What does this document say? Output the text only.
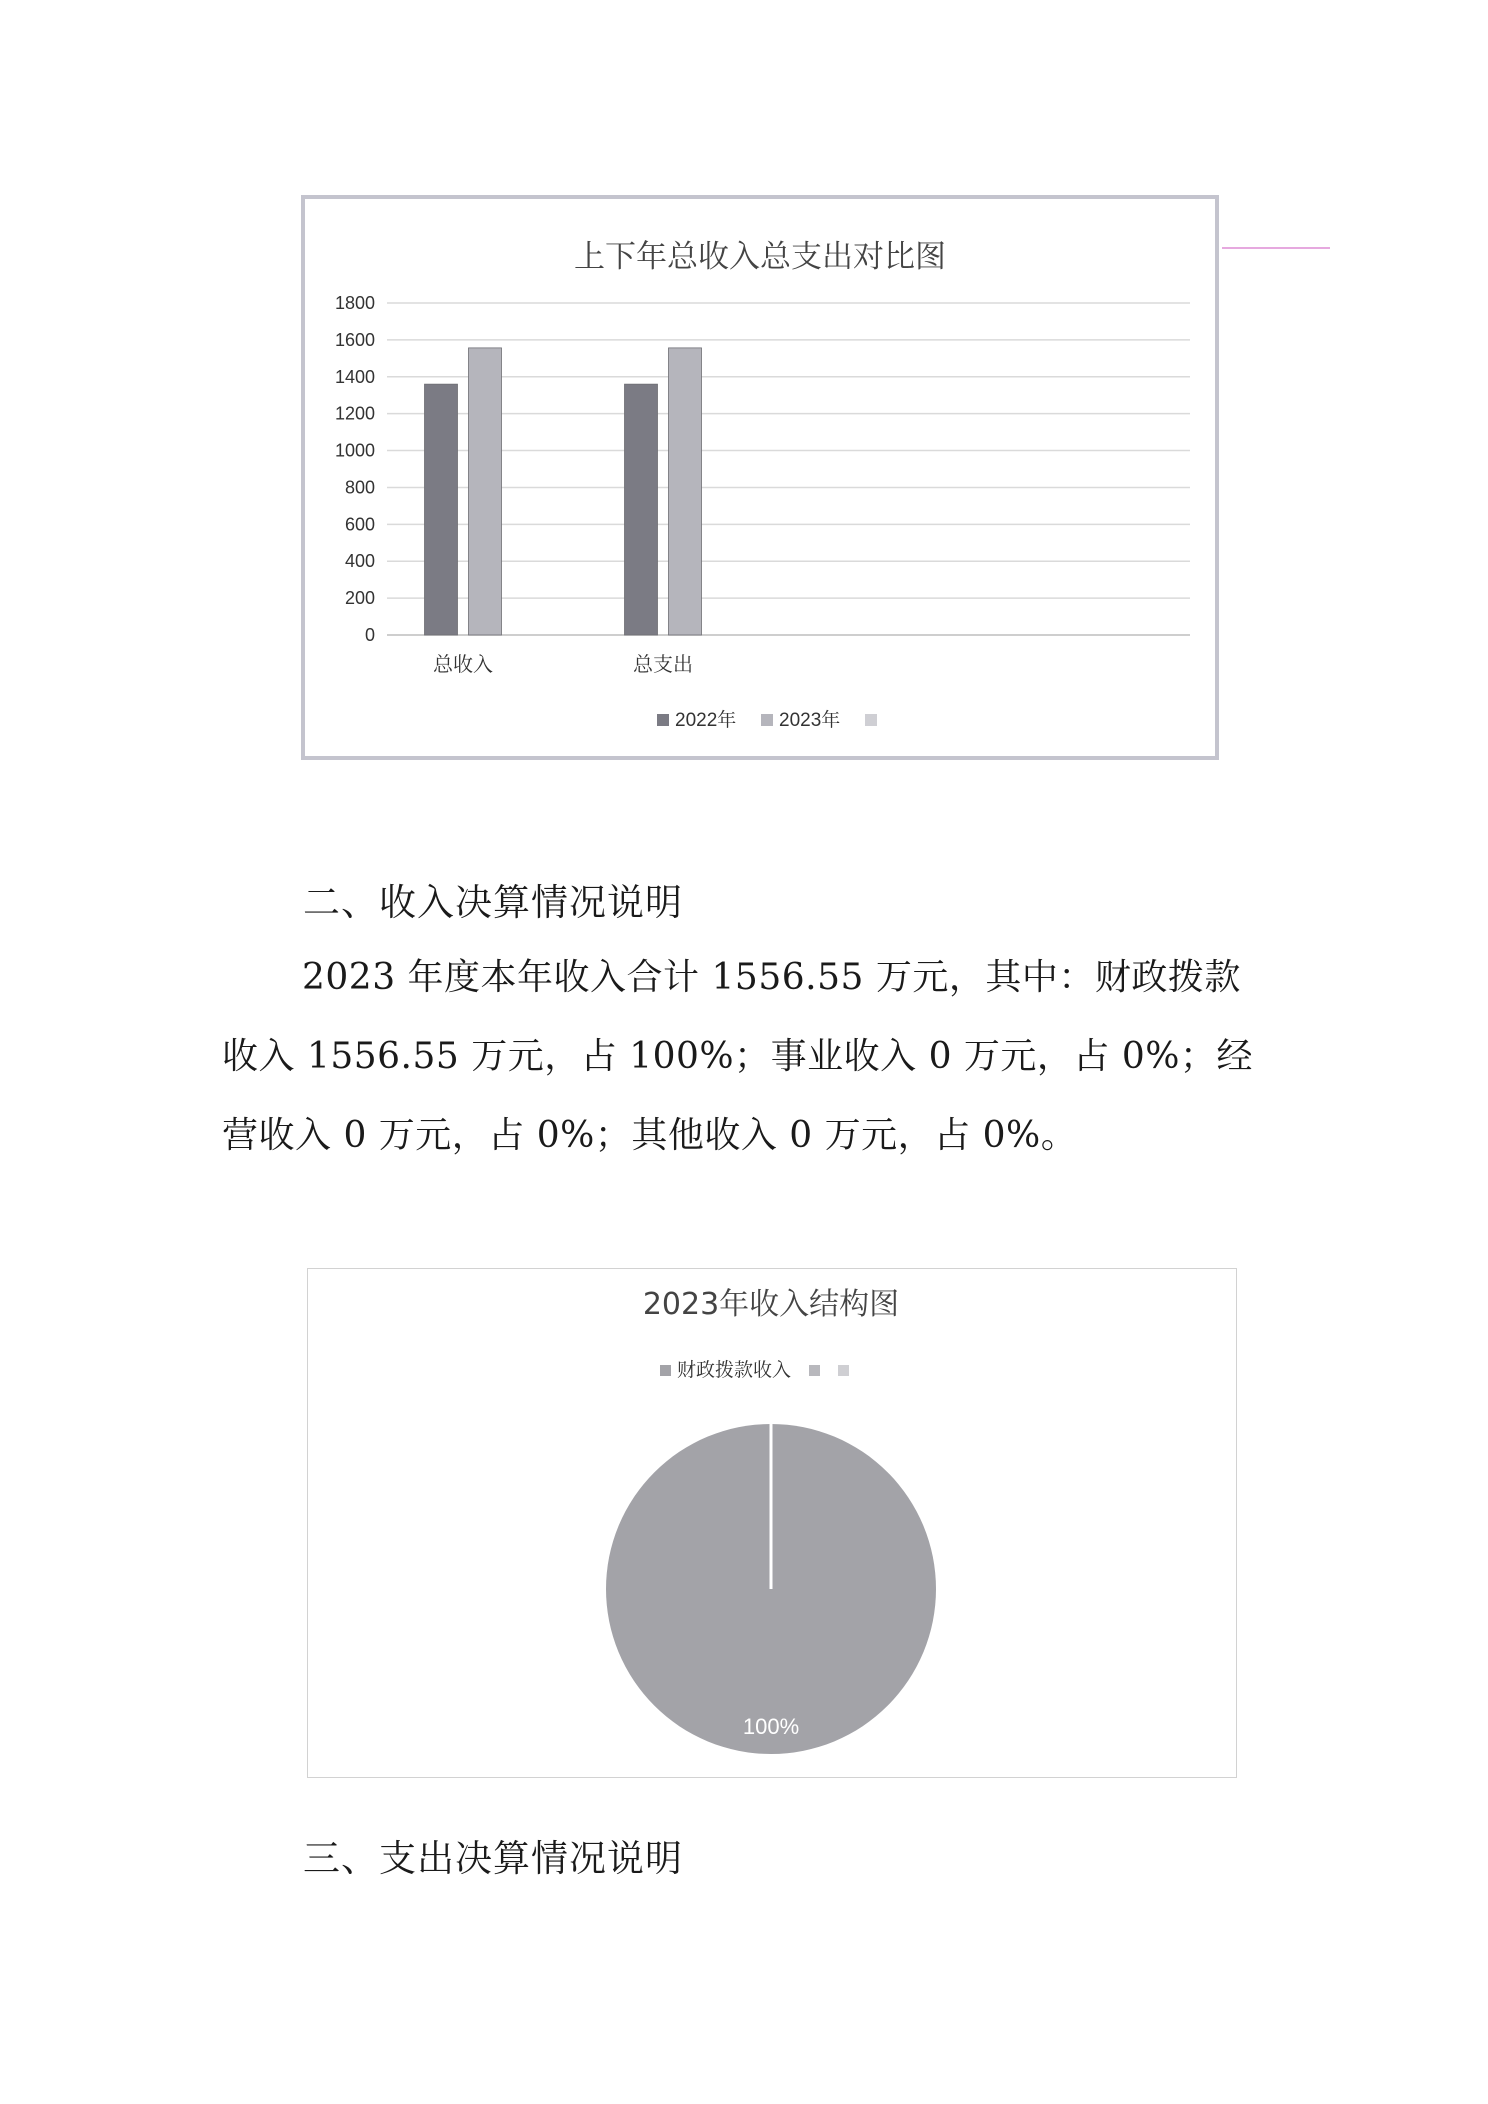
上下年总收入总支出对比图
0
200
400
600
800
1000
1200
1400
1600
1800
总收入	总支出
2022年 2023年
二、收入决算情况说明

2023 年度本年收入合计 1556.55 万元，其中：财政拨款收入 1556.55 万元，占 100%；事业收入 0 万元，占 0%；经营收入 0 万元，占 0%；其他收入 0 万元，占 0%。

2023年收入结构图
财政拨款收入
100%
三、支出决算情况说明
